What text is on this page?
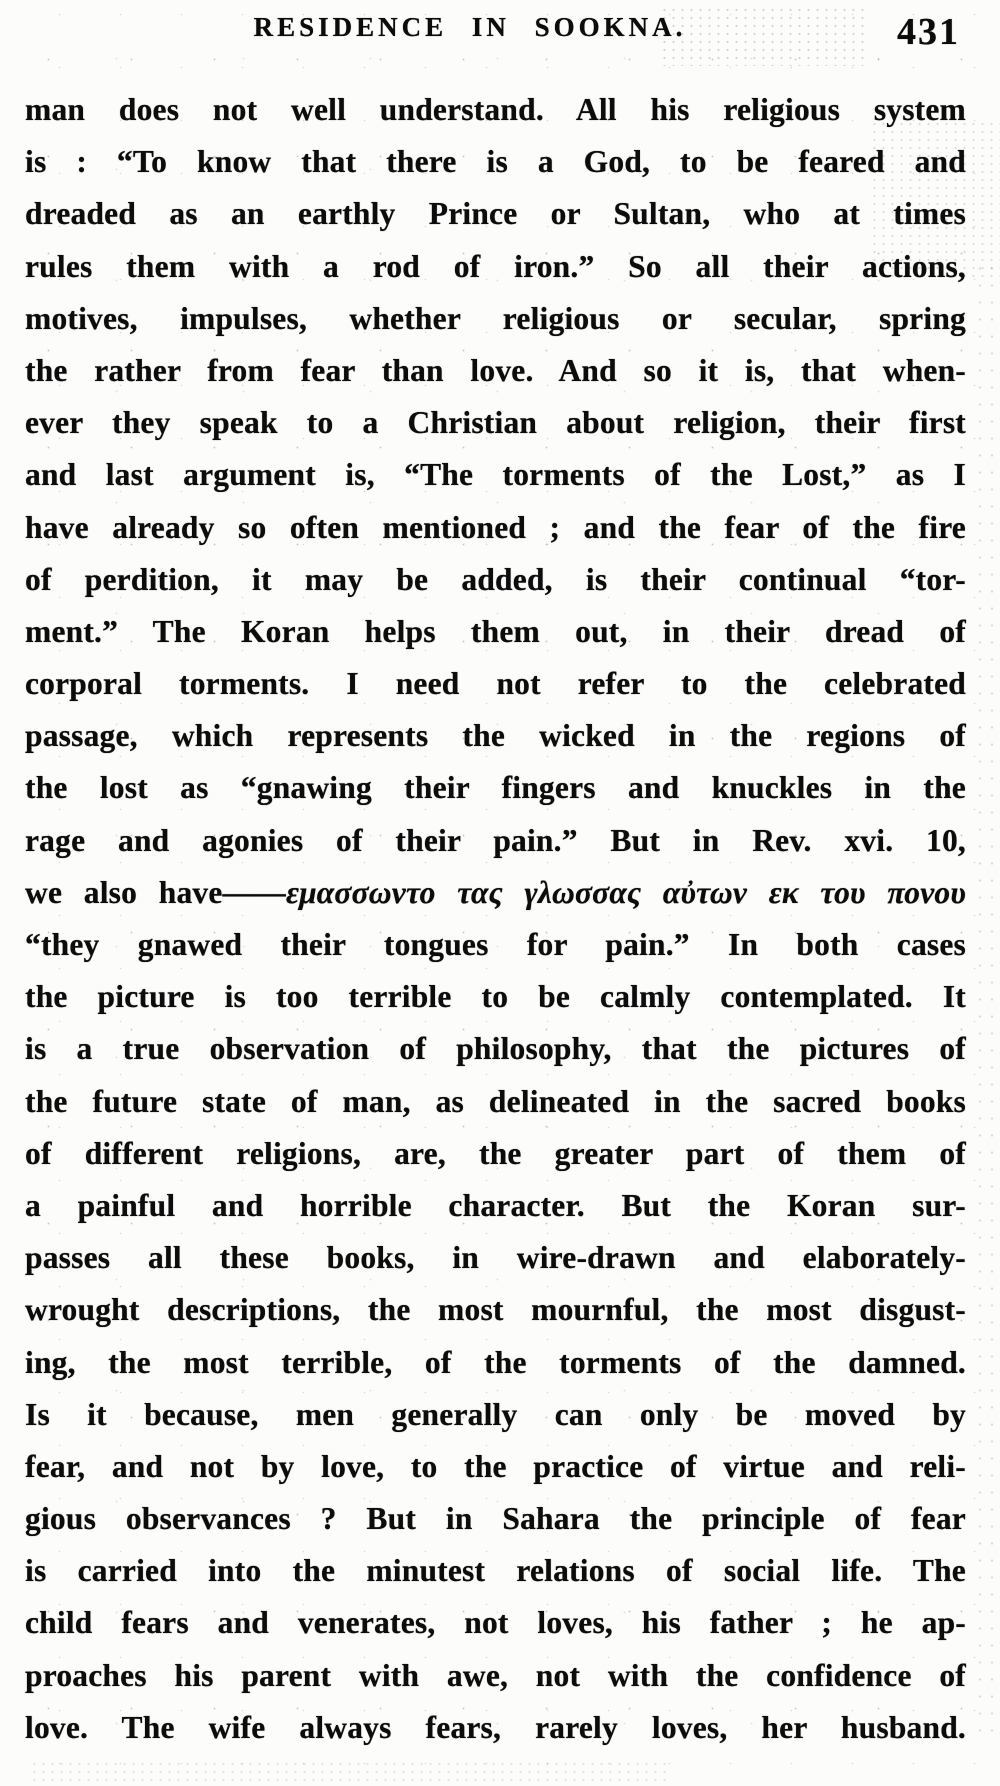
RESIDENCE IN SOOKNA.	431
man does not well understand. All his religious system
is : “To know that there is a God, to be feared and
dreaded as an earthly Prince or Sultan, who at times
rules them with a rod of iron.” So all their actions,
motives, impulses, whether religious or secular, spring
the rather from fear than love. And so it is, that when-
ever they speak to a Christian about religion, their first
and last argument is, “The torments of the Lost,” as I
have already so often mentioned ; and the fear of the fire
of perdition, it may be added, is their continual “tor-
ment.” The Koran helps them out, in their dread of
corporal torments. I need not refer to the celebrated
passage, which represents the wicked in the regions of
the lost as “gnawing their fingers and knuckles in the
rage and agonies of their pain.” But in Rev. xvi. 10,
we also have——εμασσωντο τας γλωσσας αὐτων εκ του πονου
“they gnawed their tongues for pain.” In both cases
the picture is too terrible to be calmly contemplated. It
is a true observation of philosophy, that the pictures of
the future state of man, as delineated in the sacred books
of different religions, are, the greater part of them of
a painful and horrible character. But the Koran sur-
passes all these books, in wire-drawn and elaborately-
wrought descriptions, the most mournful, the most disgust-
ing, the most terrible, of the torments of the damned.
Is it because, men generally can only be moved by
fear, and not by love, to the practice of virtue and reli-
gious observances ? But in Sahara the principle of fear
is carried into the minutest relations of social life. The
child fears and venerates, not loves, his father ; he ap-
proaches his parent with awe, not with the confidence of
love. The wife always fears, rarely loves, her husband.
